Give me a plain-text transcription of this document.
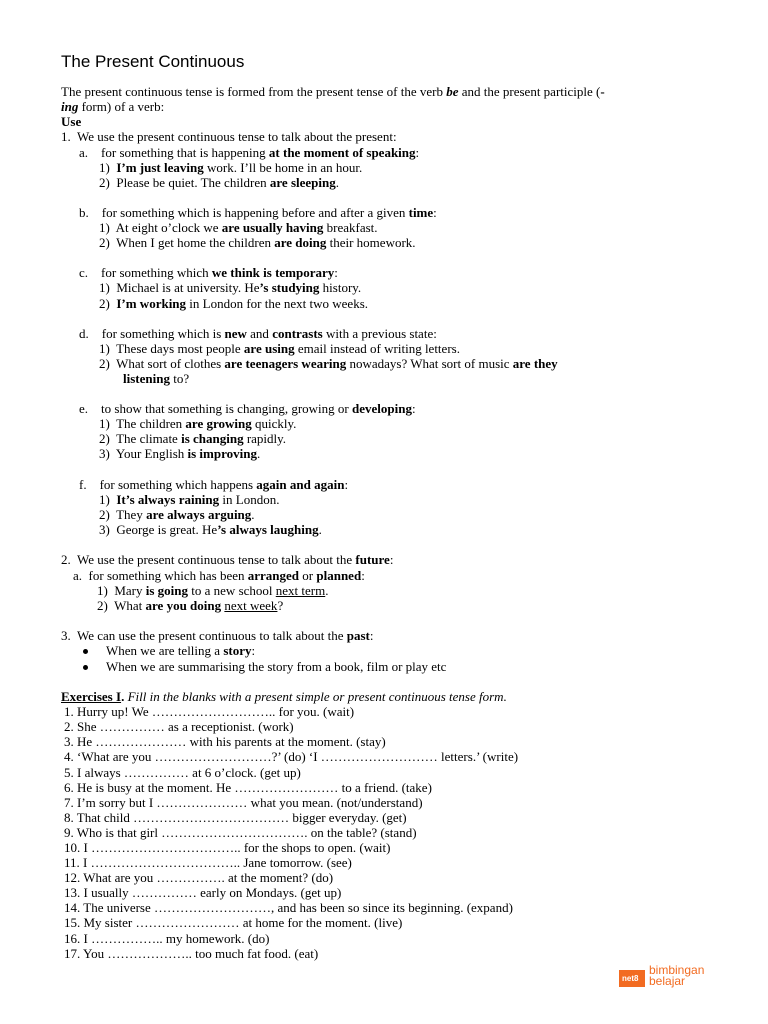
The Present Continuous
The present continuous tense is formed from the present tense of the verb be and the present participle (-
ing form) of a verb:
Use
1. We use the present continuous tense to talk about the present:
a. for something that is happening at the moment of speaking:
1) I’m just leaving work. I’ll be home in an hour.
2) Please be quiet. The children are sleeping.
b. for something which is happening before and after a given time:
1) At eight o’clock we are usually having breakfast.
2) When I get home the children are doing their homework.
c. for something which we think is temporary:
1) Michael is at university. He’s studying history.
2) I’m working in London for the next two weeks.
d. for something which is new and contrasts with a previous state:
1) These days most people are using email instead of writing letters.
2) What sort of clothes are teenagers wearing nowadays? What sort of music are they
listening to?
e. to show that something is changing, growing or developing:
1) The children are growing quickly.
2) The climate is changing rapidly.
3) Your English is improving.
f. for something which happens again and again:
1) It’s always raining in London.
2) They are always arguing.
3) George is great. He’s always laughing.
2. We use the present continuous tense to talk about the future:
a. for something which has been arranged or planned:
1) Mary is going to a new school next term.
2) What are you doing next week?
3. We can use the present continuous to talk about the past:
When we are telling a story:
When we are summarising the story from a book, film or play etc
Exercises I. Fill in the blanks with a present simple or present continuous tense form.
1. Hurry up! We ……………………….. for you. (wait)
2. She …………… as a receptionist. (work)
3. He ………………… with his parents at the moment. (stay)
4. ‘What are you ………………………?’ (do) ‘I ……………………… letters.’ (write)
5. I always …………… at 6 o’clock. (get up)
6. He is busy at the moment. He …………………… to a friend. (take)
7. I’m sorry but I ………………… what you mean. (not/understand)
8. That child ……………………………… bigger everyday. (get)
9. Who is that girl ……………………………. on the table? (stand)
10. I …………………………….. for the shops to open. (wait)
11. I …………………………….. Jane tomorrow. (see)
12. What are you ……………. at the moment? (do)
13. I usually …………… early on Mondays. (get up)
14. The universe ………………………, and has been so since its beginning. (expand)
15. My sister …………………… at home for the moment. (live)
16. I …………….. my homework. (do)
17. You ……………….. too much fat food. (eat)
net8
bimbingan
belajar
